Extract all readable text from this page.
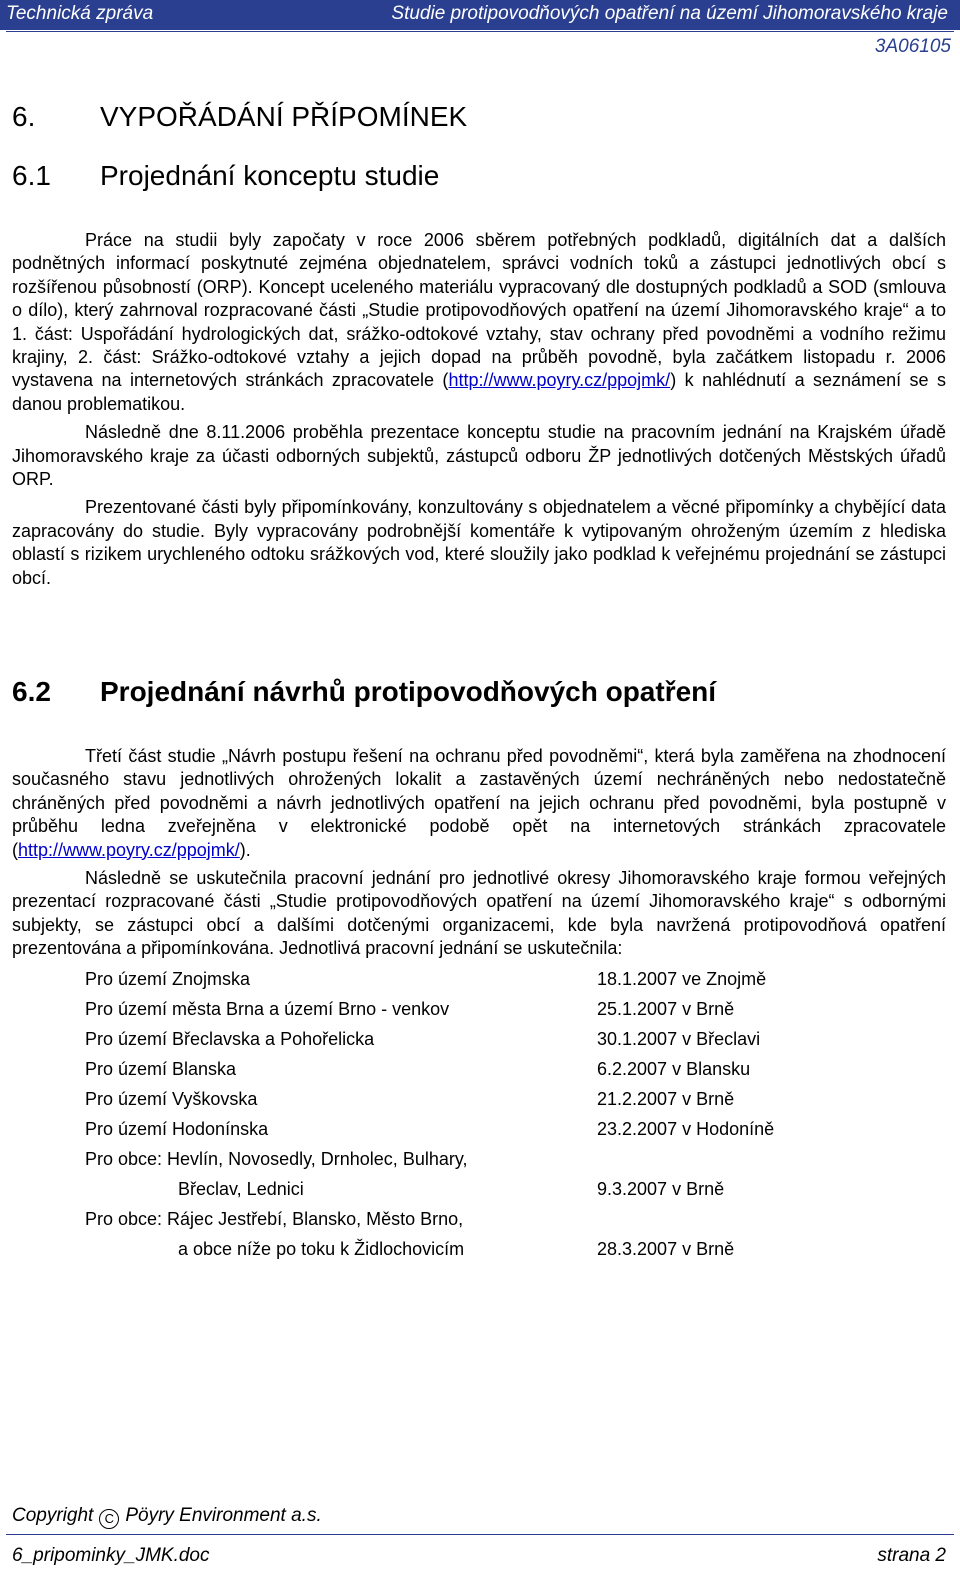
Technická zpráva	Studie protipovodňových opatření na území Jihomoravského kraje
3A06105
6. VYPOŘÁDÁNÍ PŘÍPOMÍNEK
6.1 Projednání konceptu studie

Práce na studii byly započaty v roce 2006 sběrem potřebných podkladů, digitálních dat a dalších podnětných informací poskytnuté zejména objednatelem, správci vodních toků a zástupci jednotlivých obcí s rozšířenou působností (ORP). Koncept uceleného materiálu vypracovaný dle dostupných podkladů a SOD (smlouva o dílo), který zahrnoval rozpracované části „Studie protipovodňových opatření na území Jihomoravského kraje“ a to 1. část: Uspořádání hydrologických dat, srážko-odtokové vztahy, stav ochrany před povodněmi a vodního režimu krajiny, 2. část: Srážko-odtokové vztahy a jejich dopad na průběh povodně, byla začátkem listopadu r. 2006 vystavena na internetových stránkách zpracovatele (http://www.poyry.cz/ppojmk/) k nahlédnutí a seznámení se s danou problematikou.

Následně dne 8.11.2006 proběhla prezentace konceptu studie na pracovním jednání na Krajském úřadě Jihomoravského kraje za účasti odborných subjektů, zástupců odboru ŽP jednotlivých dotčených Městských úřadů ORP.

Prezentované části byly připomínkovány, konzultovány s objednatelem a věcné připomínky a chybějící data zapracovány do studie. Byly vypracovány podrobnější komentáře k vytipovaným ohroženým územím z hlediska oblastí s rizikem urychleného odtoku srážkových vod, které sloužily jako podklad k veřejnému projednání se zástupci obcí.

6.2 Projednání návrhů protipovodňových opatření

Třetí část studie „Návrh postupu řešení na ochranu před povodněmi“, která byla zaměřena na zhodnocení současného stavu jednotlivých ohrožených lokalit a zastavěných území nechráněných nebo nedostatečně chráněných před povodněmi a návrh jednotlivých opatření na jejich ochranu před povodněmi, byla postupně v průběhu ledna zveřejněna v elektronické podobě opět na internetových stránkách zpracovatele (http://www.poyry.cz/ppojmk/).

Následně se uskutečnila pracovní jednání pro jednotlivé okresy Jihomoravského kraje formou veřejných prezentací rozpracované části „Studie protipovodňových opatření na území Jihomoravského kraje“ s odbornými subjekty, se zástupci obcí a dalšími dotčenými organizacemi, kde byla navržená protipovodňová opatření prezentována a připomínkována. Jednotlivá pracovní jednání se uskutečnila:

Pro území Znojmska	18.1.2007 ve Znojmě
Pro území města Brna a území Brno - venkov	25.1.2007 v Brně
Pro území Břeclavska a Pohořelicka	30.1.2007 v Břeclavi
Pro území Blanska	6.2.2007 v Blansku
Pro území Vyškovska	21.2.2007 v Brně
Pro území Hodonínska	23.2.2007 v Hodoníně
Pro obce: Hevlín, Novosedly, Drnholec, Bulhary,
Břeclav, Lednici	9.3.2007 v Brně
Pro obce: Rájec Jestřebí, Blansko, Město Brno,
a obce níže po toku k Židlochovicím	28.3.2007 v Brně
Copyright C Pöyry Environment a.s.
6_pripominky_JMK.doc	strana 2
